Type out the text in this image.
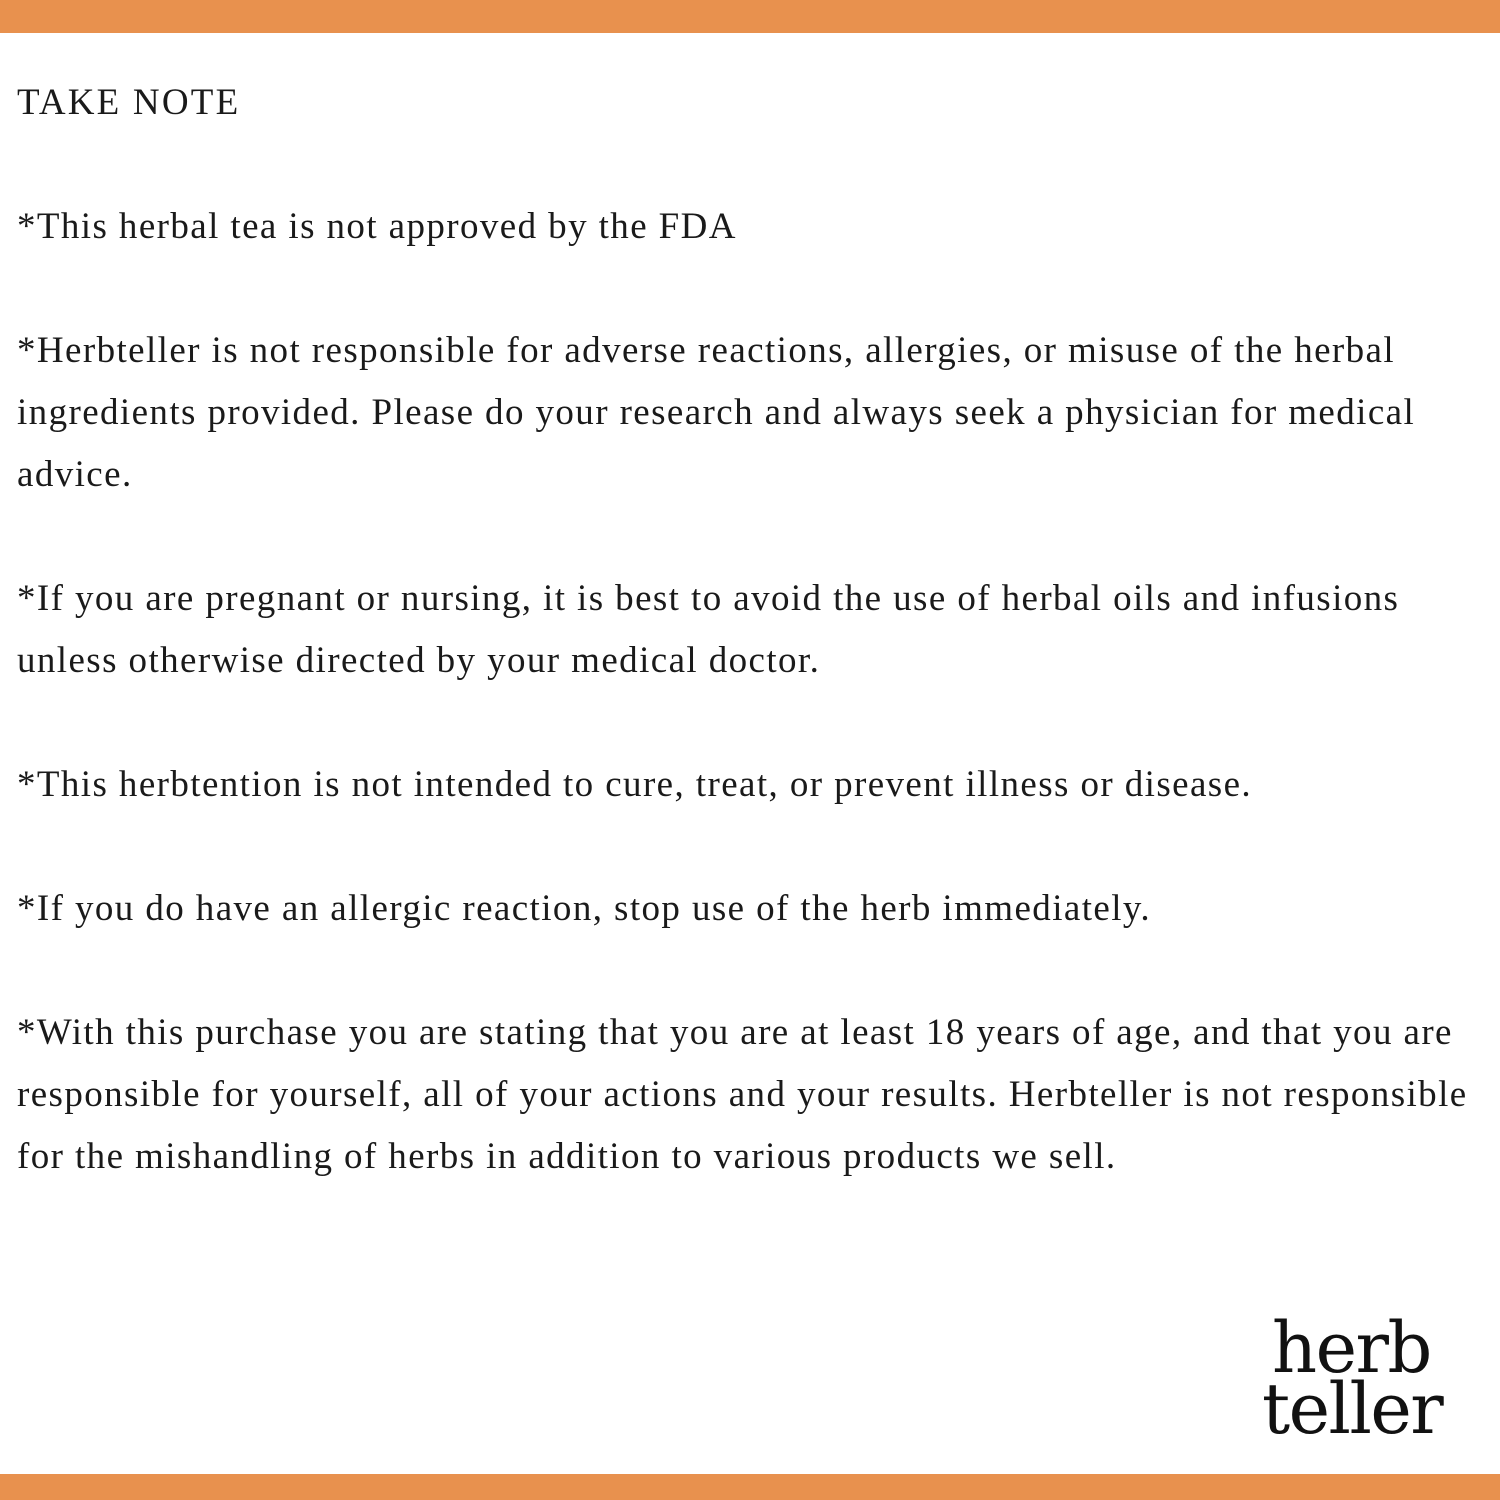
TAKE NOTE
*This herbal tea is not approved by the FDA
*Herbteller is not responsible for adverse reactions, allergies, or misuse of the herbal ingredients provided. Please do your research and always seek a physician for medical advice.
*If you are pregnant or nursing, it is best to avoid the use of herbal oils and infusions unless otherwise directed by your medical doctor.
*This herbtention is not intended to cure, treat, or prevent illness or disease.
*If you do have an allergic reaction, stop use of the herb immediately.
*With this purchase you are stating that you are at least 18 years of age, and that you are responsible for yourself, all of your actions and your results. Herbteller is not responsible for the mishandling of herbs in addition to various products we sell.
herb
teller
